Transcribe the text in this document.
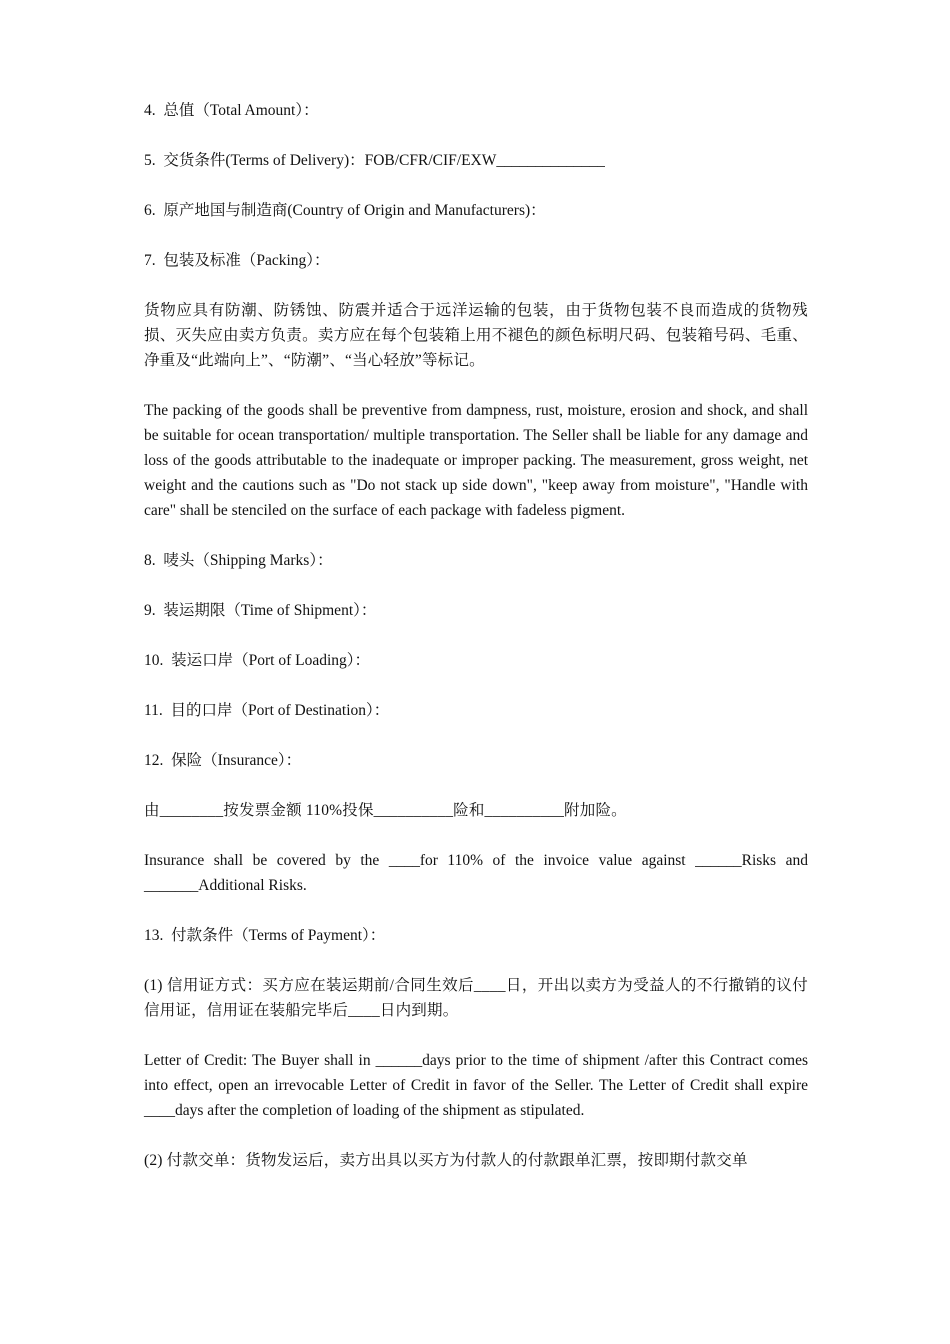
4.  总值（Total Amount）：
5.  交货条件(Terms of Delivery)：FOB/CFR/CIF/EXW______________
6.  原产地国与制造商(Country of Origin and Manufacturers)：
7.  包装及标准（Packing）：
货物应具有防潮、防锈蚀、防震并适合于远洋运输的包装，由于货物包装不良而造成的货物残损、灭失应由卖方负责。卖方应在每个包装箱上用不褪色的颜色标明尺码、包装箱号码、毛重、净重及“此端向上”、“防潮”、“当心轻放”等标记。
The packing of the goods shall be preventive from dampness, rust, moisture, erosion and shock, and shall be suitable for ocean transportation/ multiple transportation. The Seller shall be liable for any damage and loss of the goods attributable to the inadequate or improper packing. The measurement, gross weight, net weight and the cautions such as "Do not stack up side down", "keep away from moisture", "Handle with care" shall be stenciled on the surface of each package with fadeless pigment.
8.  唛头（Shipping Marks）：
9.  装运期限（Time of Shipment）：
10.  装运口岸（Port of Loading）：
11.  目的口岸（Port of Destination）：
12.  保险（Insurance）：
由________按发票金额 110%投保__________险和__________附加险。
Insurance shall be covered by the ____for 110% of the invoice value against ______Risks and _______Additional Risks.
13.  付款条件（Terms of Payment）：
(1) 信用证方式：买方应在装运期前/合同生效后____日，开出以卖方为受益人的不行撤销的议付信用证，信用证在装船完毕后____日内到期。
Letter of Credit: The Buyer shall in ______days prior to the time of shipment /after this Contract comes into effect, open an irrevocable Letter of Credit in favor of the Seller. The Letter of Credit shall expire ____days after the completion of loading of the shipment as stipulated.
(2) 付款交单：货物发运后，卖方出具以买方为付款人的付款跟单汇票，按即期付款交单
